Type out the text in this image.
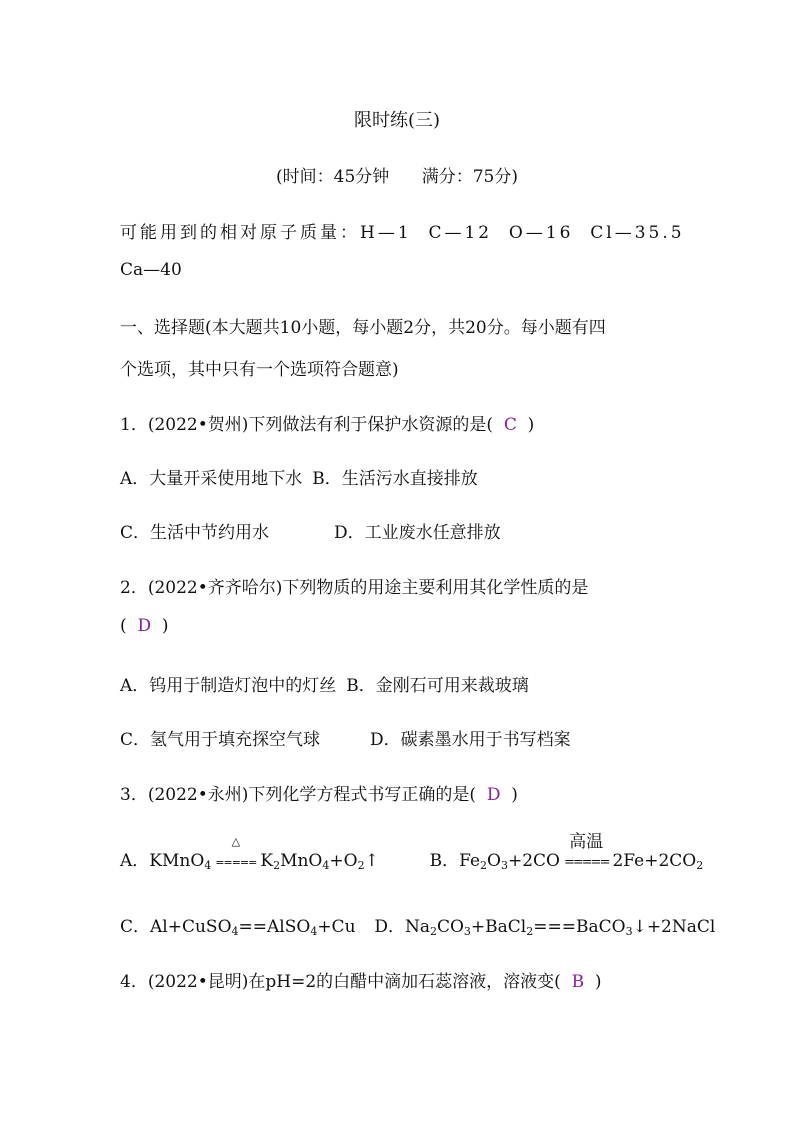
限时练(三)
(时间：45分钟      满分：75分)
可能用到的相对原子质量：H—1  C—12  O—16  Cl—35.5
Ca—40
一、选择题(本大题共10小题，每小题2分，共20分。每小题有四
个选项，其中只有一个选项符合题意)
1．(2022•贺州)下列做法有利于保护水资源的是(  C  )
A．大量开采使用地下水 B．生活污水直接排放
C．生活中节约用水	D．工业废水任意排放
2．(2022•齐齐哈尔)下列物质的用途主要利用其化学性质的是
(  D  )
A．钨用于制造灯泡中的灯丝 B．金刚石可用来裁玻璃
C．氢气用于填充探空气球	D．碳素墨水用于书写档案
3．(2022•永州)下列化学方程式书写正确的是(  D  )
A．KMnO$_4$
△
===== $K_2MnO_4+O_2↑$	B．$Fe_2O_3+2CO$
高温
===== $2Fe+2CO_2$
C．Al+CuSO$_4$==AlSO$_4$+Cu D．$Na_2CO_3+BaCl_2===BaCO_3↓+2NaCl$
4．(2022•昆明)在pH=2的白醋中滴加石蕊溶液，溶液变(  B  )
